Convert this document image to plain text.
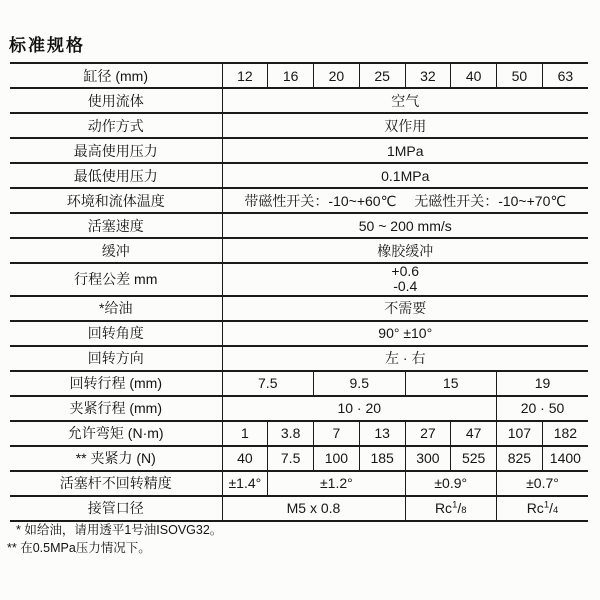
标准规格
缸径 (mm)	12	16	20	25	32	40	50	63
使用流体	空气							
动作方式	双作用							
最高使用压力	1MPa							
最低使用压力	0.1MPa							
环境和流体温度	带磁性开关：-10~+60℃　 无磁性开关：-10~+70℃							
活塞速度	50 ~ 200 mm/s							
缓冲	橡胶缓冲							
行程公差 mm	+0.6
-0.4							

*给油	不需要							
回转角度	90° ±10°							
回转方向	左 · 右							
回转行程 (mm)	7.5		9.5		15		19	
夹紧行程 (mm)	10 · 20						20 · 50	
允许弯矩 (N·m)	1	3.8	7	13	27	47	107	182
** 夹紧力 (N)	40	7.5	100	185	300	525	825	1400
活塞杆不回转精度	±1.4°	±1.2°			±0.9°		±0.7°	
接管口径	M5 x 0.8				Rc$^1$/8		Rc$^1$/4	
* 如给油，请用透平1号油ISOVG32。
** 在0.5MPa压力情况下。
